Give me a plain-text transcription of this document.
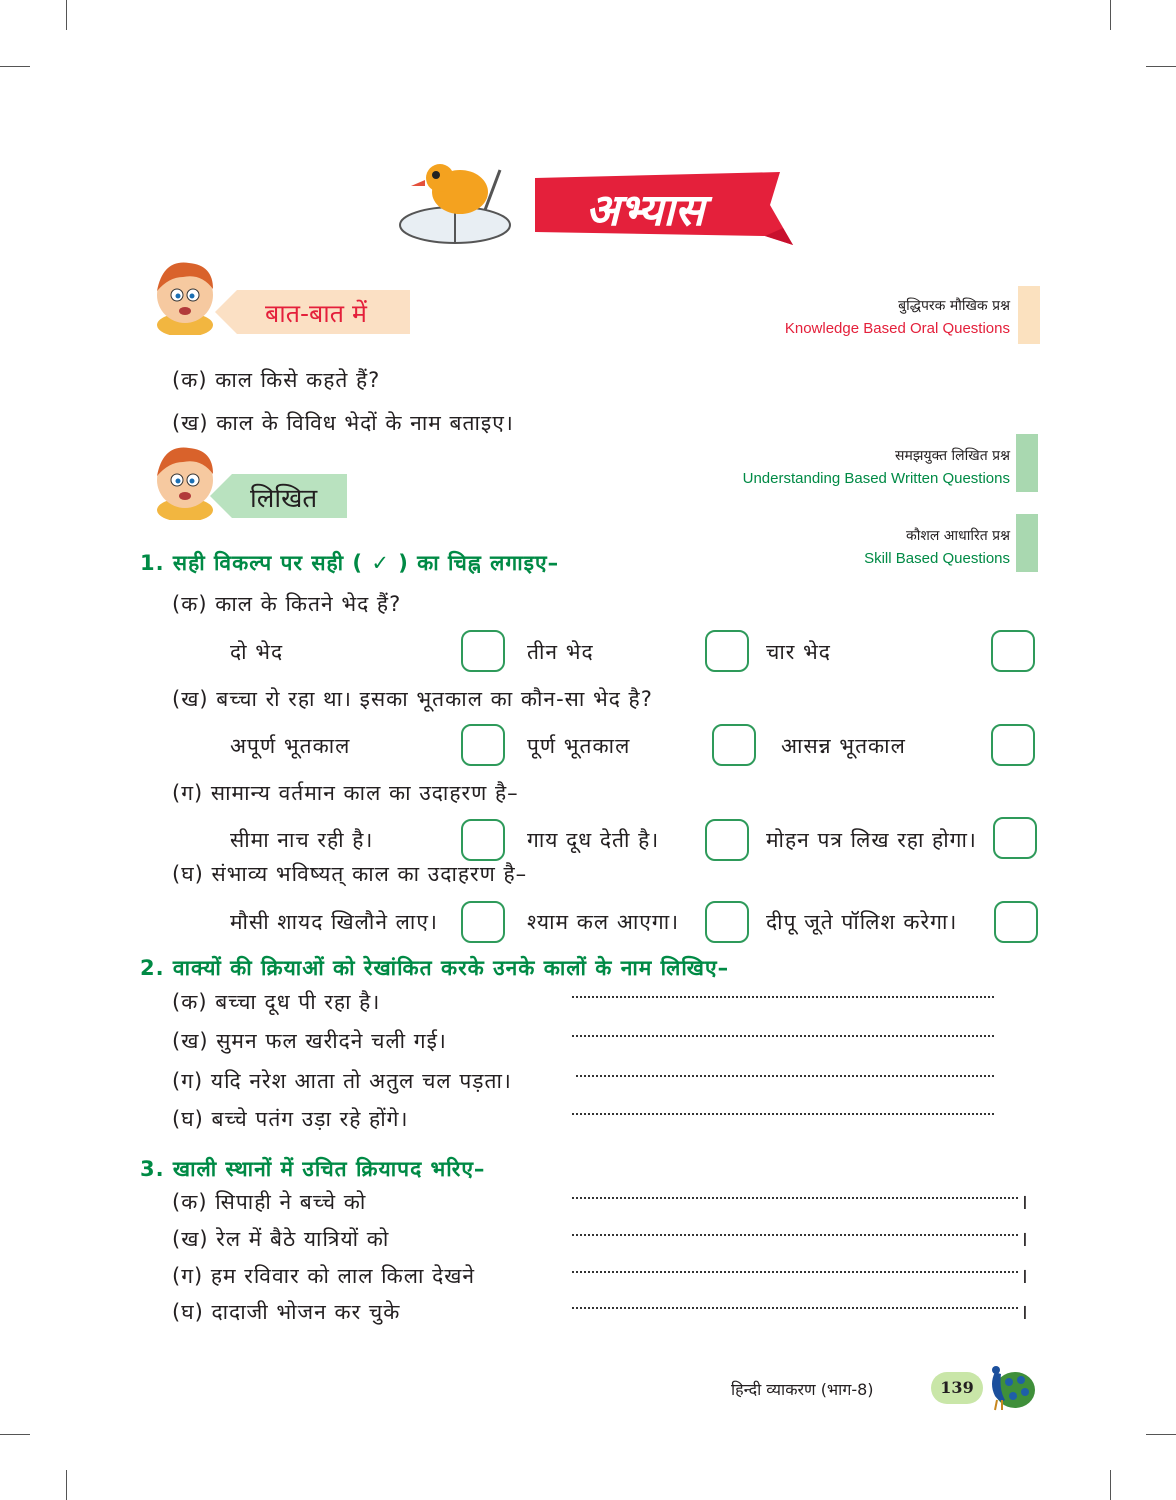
अभ्यास
बात-बात में	बुद्धिपरक मौखिक प्रश्न
Knowledge Based Oral Questions
(क) काल किसे कहते हैं?
(ख) काल के विविध भेदों के नाम बताइए।
लिखित
समझयुक्त लिखित प्रश्न
Understanding Based Written Questions
कौशल आधारित प्रश्न
Skill Based Questions
1. सही विकल्प पर सही ( ✓ ) का चिह्न लगाइए–
(क) काल के कितने भेद हैं?
दो भेद	तीन भेद	चार भेद
(ख) बच्चा रो रहा था। इसका भूतकाल का कौन-सा भेद है?
अपूर्ण भूतकाल	पूर्ण भूतकाल	आसन्न भूतकाल
(ग) सामान्य वर्तमान काल का उदाहरण है–
सीमा नाच रही है।	गाय दूध देती है।	मोहन पत्र लिख रहा होगा।
(घ) संभाव्य भविष्यत् काल का उदाहरण है–
मौसी शायद खिलौने लाए।	श्याम कल आएगा।	दीपू जूते पॉलिश करेगा।
2. वाक्यों की क्रियाओं को रेखांकित करके उनके कालों के नाम लिखिए–
(क) बच्चा दूध पी रहा है।
(ख) सुमन फल खरीदने चली गई।
(ग) यदि नरेश आता तो अतुल चल पड़ता।
(घ) बच्चे पतंग उड़ा रहे होंगे।
3. खाली स्थानों में उचित क्रियापद भरिए–
(क) सिपाही ने बच्चे को	।
(ख) रेल में बैठे यात्रियों को	।
(ग) हम रविवार को लाल किला देखने	।
(घ) दादाजी भोजन कर चुके	।
हिन्दी व्याकरण (भाग-8)	139
